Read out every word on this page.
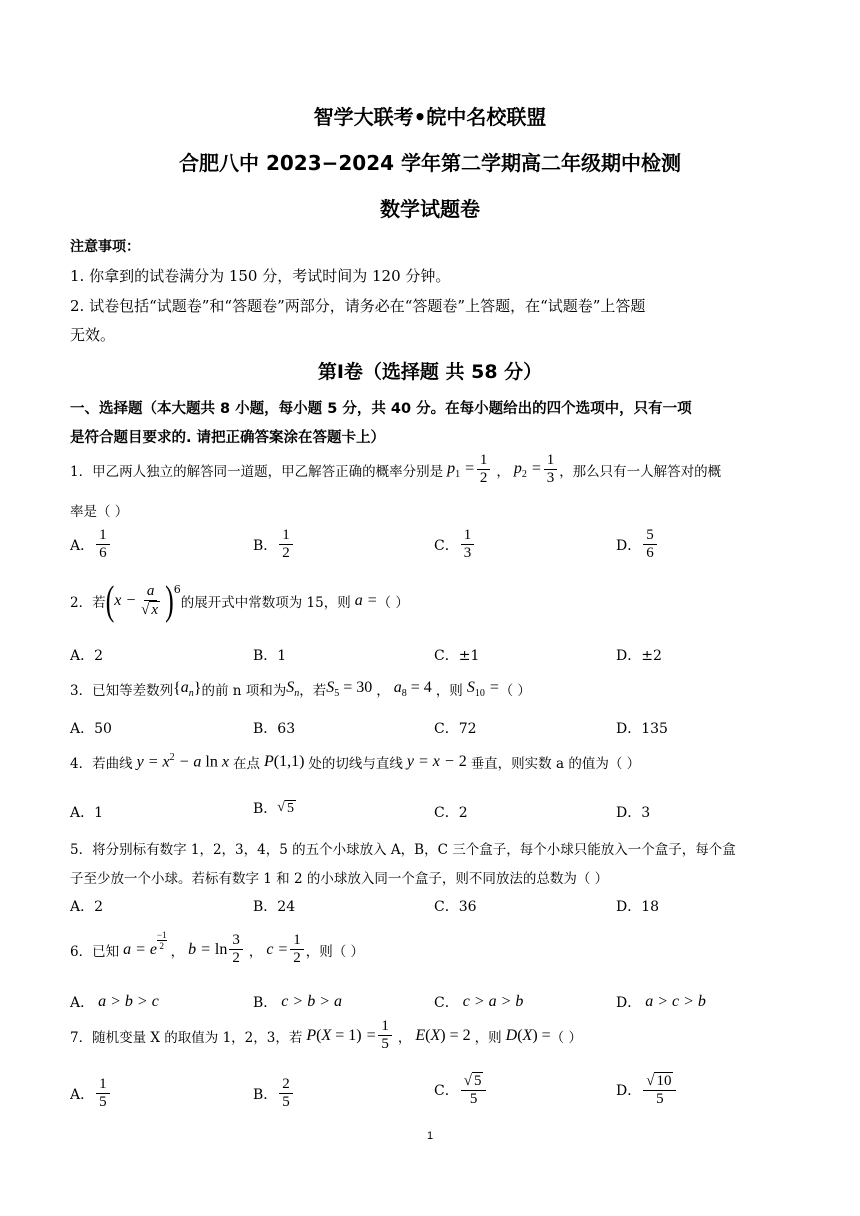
智学大联考•皖中名校联盟
合肥八中 2023−2024 学年第二学期高二年级期中检测
数学试题卷
注意事项：
1. 你拿到的试卷满分为 150 分，考试时间为 120 分钟。
2. 试卷包括“试题卷”和“答题卷”两部分，请务必在“答题卷”上答题，在“试题卷”上答题
无效。
第Ⅰ卷（选择题 共 58 分）
一、选择题（本大题共 8 小题，每小题 5 分，共 40 分。在每小题给出的四个选项中，只有一项
是符合题目要求的. 请把正确答案涂在答题卡上）
1．甲乙两人独立的解答同一道题，甲乙解答正确的概率分别是 $p_1 = \frac{1}{2}$ ， $p_2 = \frac{1}{3}$ ，那么只有一人解答对的概
率是（ ）
A． $\frac{1}{6}$	B． $\frac{1}{2}$	C． $\frac{1}{3}$	D． $\frac{5}{6}$
2．若 ( $x - \frac{a}{√ x}$ ) 6
的展开式中常数项为 15，则 a = （ ）
A．2	B．1	C．±1	D．±2
3．已知等差数列 { $a_n$ } 的前 n 项和为 $S_n$ ，若 $S_5 = 30$ ， $a_8 = 4$ ，则 $S_{10}$ = （ ）
A．50	B．63	C．72	D．135
4．若曲线 $y = x^2 - a$ ln x 在点 P(1,1) 处的切线与直线 y = x − 2 垂直，则实数 a 的值为（ ）
A．1	B． √ 5	C．2	D．3
5．将分别标有数字 1，2，3，4，5 的五个小球放入 A，B，C 三个盒子，每个小球只能放入一个盒子，每个盒
子至少放一个小球。若标有数字 1 和 2 的小球放入同一个盒子，则不同放法的总数为（ ）
A．2	B．24	C．36	D．18
6．已知 a = e
−1
2 ， $b = \ln \frac{3}{2}$ ， $c = \frac{1}{2}$ ，则（ ）
A． a > b > c	B． c > b > a	C． c > a > b	D． a > c > b
7．随机变量 X 的取值为 1，2，3，若 $P(X = 1) = \frac{1}{5}$ ， E(X) = 2 ，则 D(X) = （ ）
A． $\frac{1}{5}$	B． $\frac{2}{5}$	C． $\frac{√ 5}{5}$	D． $\frac{√ 10}{5}$
1
